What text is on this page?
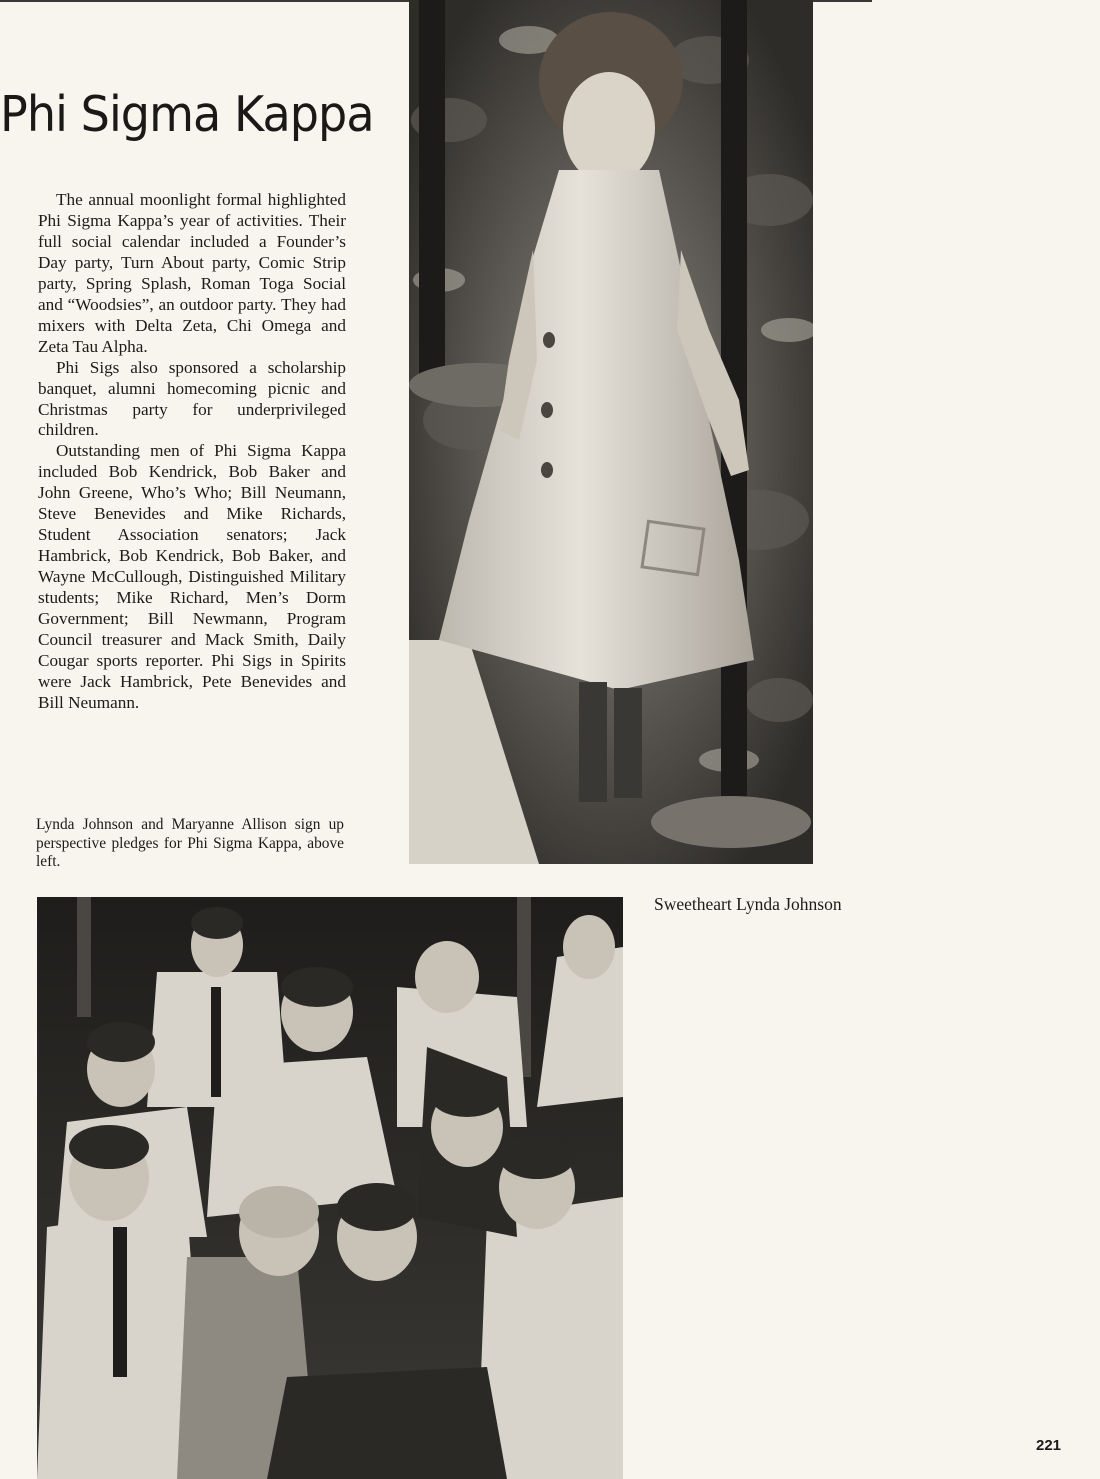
Phi Sigma Kappa

The annual moonlight formal highlighted Phi Sigma Kappa’s year of activities. Their full social calendar included a Founder’s Day party, Turn About party, Comic Strip party, Spring Splash, Roman Toga Social and “Woodsies”, an outdoor party. They had mixers with Delta Zeta, Chi Omega and Zeta Tau Alpha.

Phi Sigs also sponsored a scholarship banquet, alumni homecoming picnic and Christmas party for underprivileged children.

Outstanding men of Phi Sigma Kappa included Bob Kendrick, Bob Baker and John Greene, Who’s Who; Bill Neumann, Steve Benevides and Mike Richards, Student Association senators; Jack Hambrick, Bob Kendrick, Bob Baker, and Wayne McCullough, Distinguished Military students; Mike Richard, Men’s Dorm Government; Bill Newmann, Program Council treasurer and Mack Smith, Daily Cougar sports reporter. Phi Sigs in Spirits were Jack Hambrick, Pete Benevides and Bill Neumann.

Lynda Johnson and Maryanne Allison sign up perspective pledges for Phi Sigma Kappa, above left.
Sweetheart Lynda Johnson
221
